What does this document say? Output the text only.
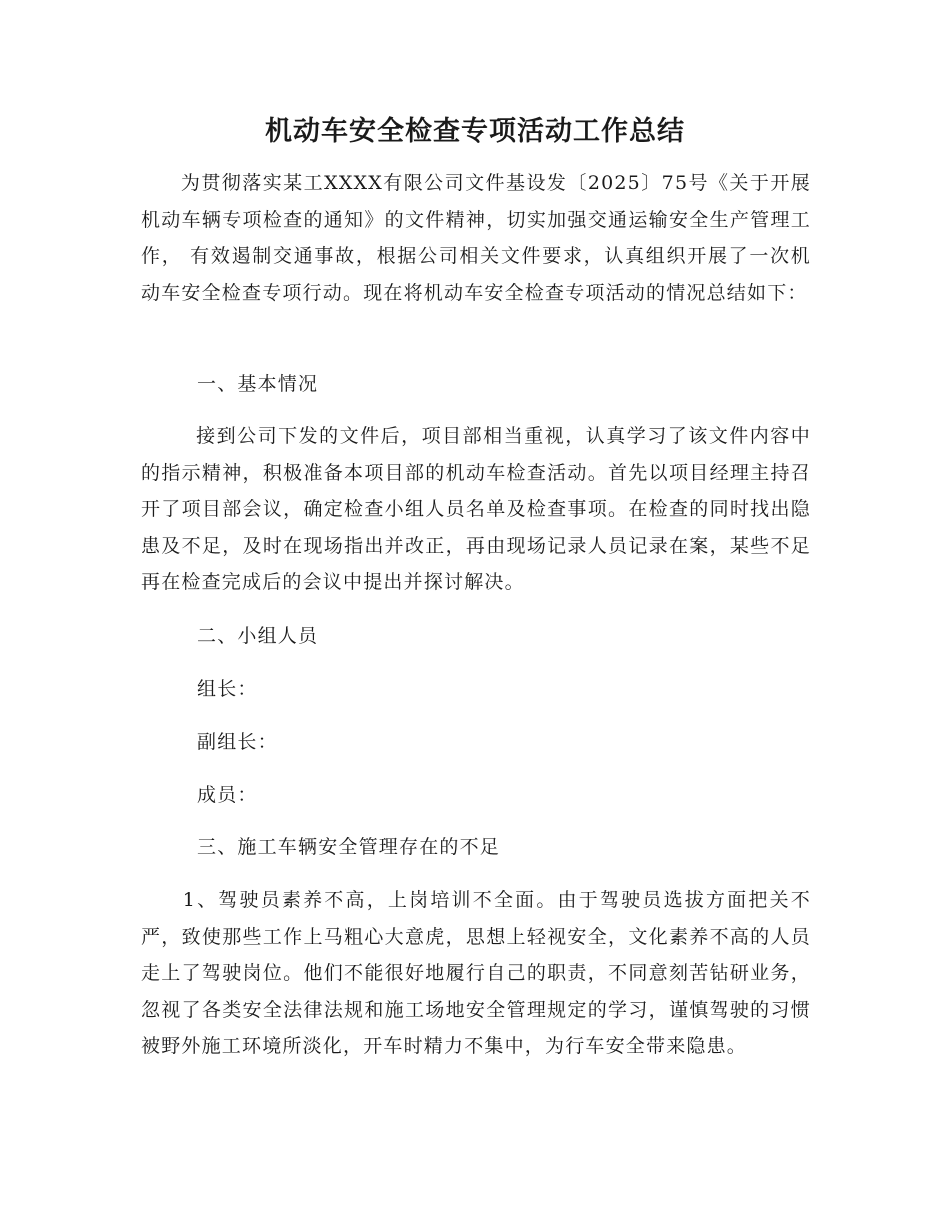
机动车安全检查专项活动工作总结

为贯彻落实某工XXXX有限公司文件基设发〔2025〕75号《关于开展机动车辆专项检查的通知》的文件精神，切实加强交通运输安全生产管理工作， 有效遏制交通事故，根据公司相关文件要求，认真组织开展了一次机动车安全检查专项行动。现在将机动车安全检查专项活动的情况总结如下：

一、基本情况

接到公司下发的文件后，项目部相当重视，认真学习了该文件内容中的指示精神，积极准备本项目部的机动车检查活动。首先以项目经理主持召开了项目部会议，确定检查小组人员名单及检查事项。在检查的同时找出隐患及不足，及时在现场指出并改正，再由现场记录人员记录在案，某些不足再在检查完成后的会议中提出并探讨解决。

二、小组人员

组长：

副组长：

成员：

三、施工车辆安全管理存在的不足

1、驾驶员素养不高，上岗培训不全面。由于驾驶员选拔方面把关不严，致使那些工作上马粗心大意虎，思想上轻视安全，文化素养不高的人员走上了驾驶岗位。他们不能很好地履行自己的职责，不同意刻苦钻研业务，忽视了各类安全法律法规和施工场地安全管理规定的学习，谨慎驾驶的习惯被野外施工环境所淡化，开车时精力不集中，为行车安全带来隐患。
